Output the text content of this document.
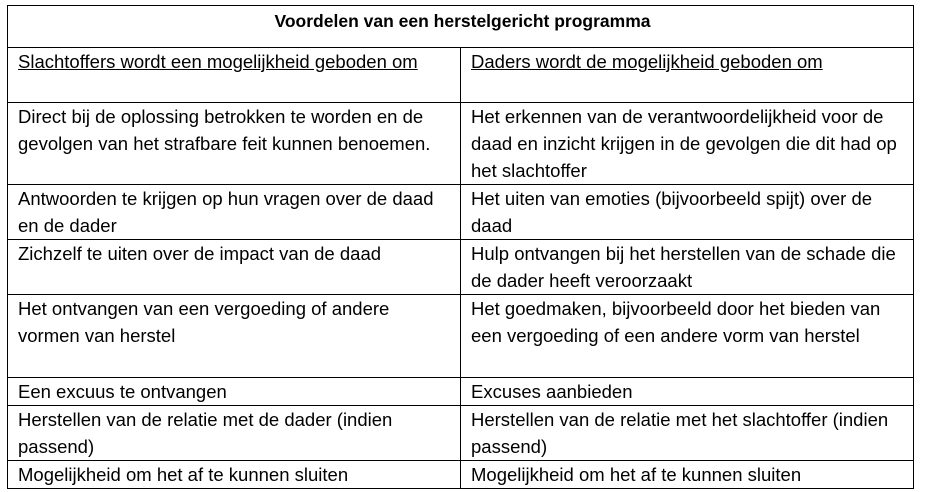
Voordelen van een herstelgericht programma	
Slachtoffers wordt een mogelijkheid geboden om	Daders wordt de mogelijkheid geboden om
Direct bij de oplossing betrokken te worden en de gevolgen van het strafbare feit kunnen benoemen.	Het erkennen van de verantwoordelijkheid voor de daad en inzicht krijgen in de gevolgen die dit had op het slachtoffer
Antwoorden te krijgen op hun vragen over de daad en de dader	Het uiten van emoties (bijvoorbeeld spijt) over de daad
Zichzelf te uiten over de impact van de daad	Hulp ontvangen bij het herstellen van de schade die de dader heeft veroorzaakt
Het ontvangen van een vergoeding of andere vormen van herstel	Het goedmaken, bijvoorbeeld door het bieden van een vergoeding of een andere vorm van herstel
Een excuus te ontvangen	Excuses aanbieden
Herstellen van de relatie met de dader (indien passend)	Herstellen van de relatie met het slachtoffer (indien passend)
Mogelijkheid om het af te kunnen sluiten	Mogelijkheid om het af te kunnen sluiten
